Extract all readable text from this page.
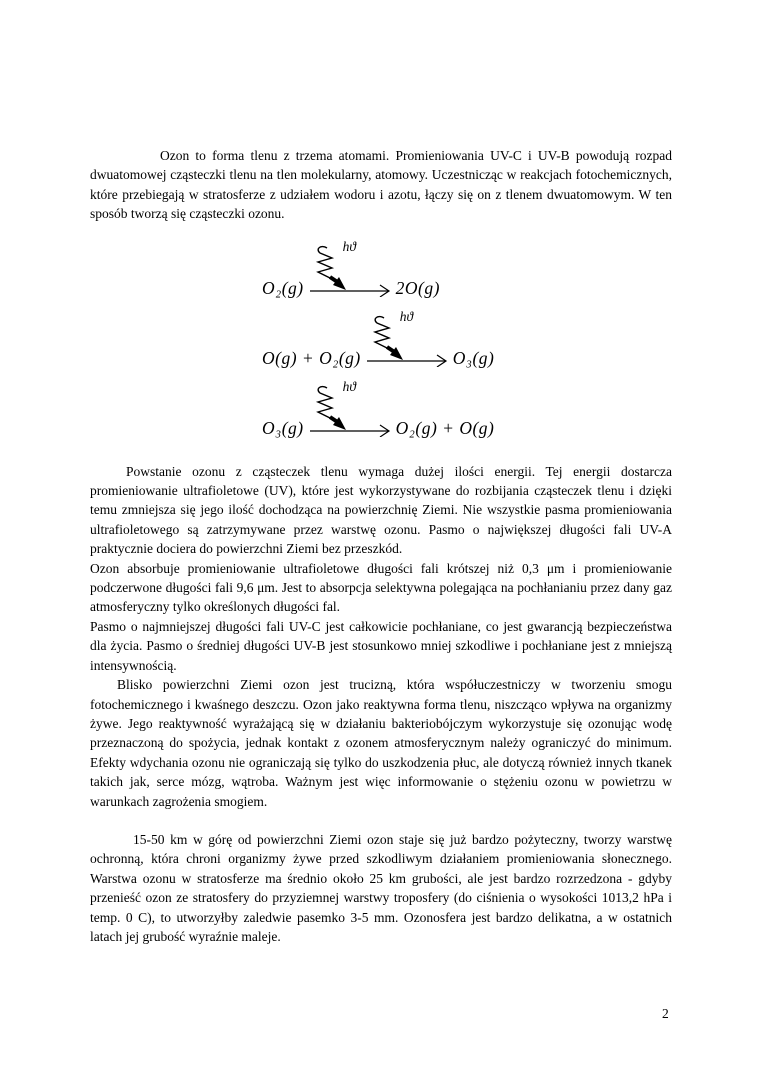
Ozon to forma tlenu z trzema atomami. Promieniowania UV-C i UV-B powodują rozpad dwuatomowej cząsteczki tlenu na tlen molekularny, atomowy. Uczestnicząc w reakcjach fotochemicznych, które przebiegają w stratosferze z udziałem wodoru i azotu, łączy się on z tlenem dwuatomowym. W ten sposób tworzą się cząsteczki ozonu.

O₂(g)
hϑ
2O(g)
O(g) + O₂(g)
hϑ
O₃(g)
O₃(g)
hϑ
O₂(g) + O(g)

Powstanie ozonu z cząsteczek tlenu wymaga dużej ilości energii. Tej energii dostarcza promieniowanie ultrafioletowe (UV), które jest wykorzystywane do rozbijania cząsteczek tlenu i dzięki temu zmniejsza się jego ilość dochodząca na powierzchnię Ziemi. Nie wszystkie pasma promieniowania ultrafioletowego są zatrzymywane przez warstwę ozonu. Pasmo o największej długości fali UV-A praktycznie dociera do powierzchni Ziemi bez przeszkód.

Ozon absorbuje promieniowanie ultrafioletowe długości fali krótszej niż 0,3 μm i promieniowanie podczerwone długości fali 9,6 μm. Jest to absorpcja selektywna polegająca na pochłanianiu przez dany gaz atmosferyczny tylko określonych długości fal.

Pasmo o najmniejszej długości fali UV-C jest całkowicie pochłaniane, co jest gwarancją bezpieczeństwa dla życia. Pasmo o średniej długości UV-B jest stosunkowo mniej szkodliwe i pochłaniane jest z mniejszą intensywnością.

Blisko powierzchni Ziemi ozon jest trucizną, która współuczestniczy w tworzeniu smogu fotochemicznego i kwaśnego deszczu. Ozon jako reaktywna forma tlenu, niszcząco wpływa na organizmy żywe. Jego reaktywność wyrażającą się w działaniu bakteriobójczym wykorzystuje się ozonując wodę przeznaczoną do spożycia, jednak kontakt z ozonem atmosferycznym należy ograniczyć do minimum. Efekty wdychania ozonu nie ograniczają się tylko do uszkodzenia płuc, ale dotyczą również innych tkanek takich jak, serce mózg, wątroba. Ważnym jest więc informowanie o stężeniu ozonu w powietrzu w warunkach zagrożenia smogiem.

15-50 km w górę od powierzchni Ziemi ozon staje się już bardzo pożyteczny, tworzy warstwę ochronną, która chroni organizmy żywe przed szkodliwym działaniem promieniowania słonecznego. Warstwa ozonu w stratosferze ma średnio około 25 km grubości, ale jest bardzo rozrzedzona - gdyby przenieść ozon ze stratosfery do przyziemnej warstwy troposfery (do ciśnienia o wysokości 1013,2 hPa i temp. 0 C), to utworzyłby zaledwie pasemko 3-5 mm. Ozonosfera jest bardzo delikatna, a w ostatnich latach jej grubość wyraźnie maleje.

2
